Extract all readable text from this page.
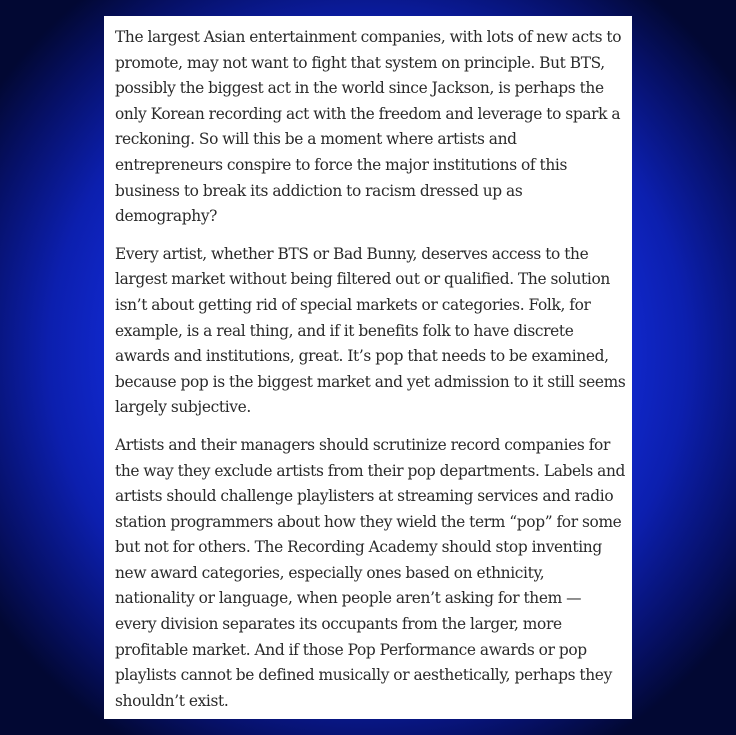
The largest Asian entertainment companies, with lots of new acts to promote, may not want to fight that system on principle. But BTS, possibly the biggest act in the world since Jackson, is perhaps the only Korean recording act with the freedom and leverage to spark a reckoning. So will this be a moment where artists and entrepreneurs conspire to force the major institutions of this business to break its addiction to racism dressed up as demography?

Every artist, whether BTS or Bad Bunny, deserves access to the largest market without being filtered out or qualified. The solution isn’t about getting rid of special markets or categories. Folk, for example, is a real thing, and if it benefits folk to have discrete awards and institutions, great. It’s pop that needs to be examined, because pop is the biggest market and yet admission to it still seems largely subjective.

Artists and their managers should scrutinize record companies for the way they exclude artists from their pop departments. Labels and artists should challenge playlisters at streaming services and radio station programmers about how they wield the term “pop” for some but not for others. The Recording Academy should stop inventing new award categories, especially ones based on ethnicity, nationality or language, when people aren’t asking for them — every division separates its occupants from the larger, more profitable market. And if those Pop Performance awards or pop playlists cannot be defined musically or aesthetically, perhaps they shouldn’t exist.
